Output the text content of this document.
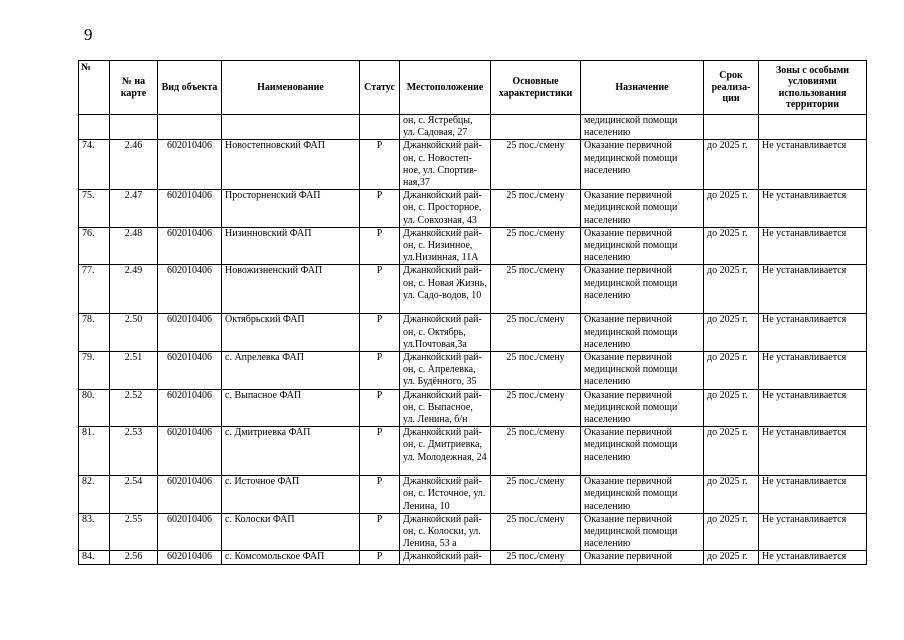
9
№	№ на карте	Вид объекта	Наименование	Статус	Местоположение	Основные характеристики	Назначение	Срок реализа-ции	Зоны с особыми условиями использования территории
					он, с. Ястребцы, ул. Садовая, 27		медицинской помощи населению		
74.	2.46	602010406	Новостепновский ФАП	Р	Джанкойский рай-он, с. Новостеп-ное, ул. Спортив-ная,37	25 пос./смену	Оказание первичной медицинской помощи населению	до 2025 г.	Не устанавливается
75.	2.47	602010406	Просторненский ФАП	Р	Джанкойский рай-он, с. Просторное, ул. Совхозная, 43	25 пос./смену	Оказание первичной медицинской помощи населению	до 2025 г.	Не устанавливается
76.	2.48	602010406	Низинновский ФАП	Р	Джанкойский рай-он, с. Низинное, ул.Низинная, 11А	25 пос./смену	Оказание первичной медицинской помощи населению	до 2025 г.	Не устанавливается
77.	2.49	602010406	Новожизненский ФАП	Р	Джанкойский рай-он, с. Новая Жизнь, ул. Садо-водов, 10	25 пос./смену	Оказание первичной медицинской помощи населению	до 2025 г.	Не устанавливается
78.	2.50	602010406	Октябрьский ФАП	Р	Джанкойский рай-он, с. Октябрь, ул.Почтовая,3а	25 пос./смену	Оказание первичной медицинской помощи населению	до 2025 г.	Не устанавливается
79.	2.51	602010406	с. Апрелевка ФАП	Р	Джанкойский рай-он, с. Апрелевка, ул. Будённого, 35	25 пос./смену	Оказание первичной медицинской помощи населению	до 2025 г.	Не устанавливается
80.	2.52	602010406	с. Выпасное ФАП	Р	Джанкойский рай-он, с. Выпасное, ул. Ленина, б/н	25 пос./смену	Оказание первичной медицинской помощи населению	до 2025 г.	Не устанавливается
81.	2.53	602010406	с. Дмитриевка ФАП	Р	Джанкойский рай-он, с. Дмитриевка, ул. Молодежная, 24	25 пос./смену	Оказание первичной медицинской помощи населению	до 2025 г.	Не устанавливается
82.	2.54	602010406	с. Источное ФАП	Р	Джанкойский рай-он, с. Источное, ул. Ленина, 10	25 пос./смену	Оказание первичной медицинской помощи населению	до 2025 г.	Не устанавливается
83.	2.55	602010406	с. Колоски ФАП	Р	Джанкойский рай-он, с. Колоски, ул. Ленина, 53 а	25 пос./смену	Оказание первичной медицинской помощи населению	до 2025 г.	Не устанавливается
84.	2.56	602010406	с. Комсомольское ФАП	Р	Джанкойский рай-	25 пос./смену	Оказание первичной	до 2025 г.	Не устанавливается
